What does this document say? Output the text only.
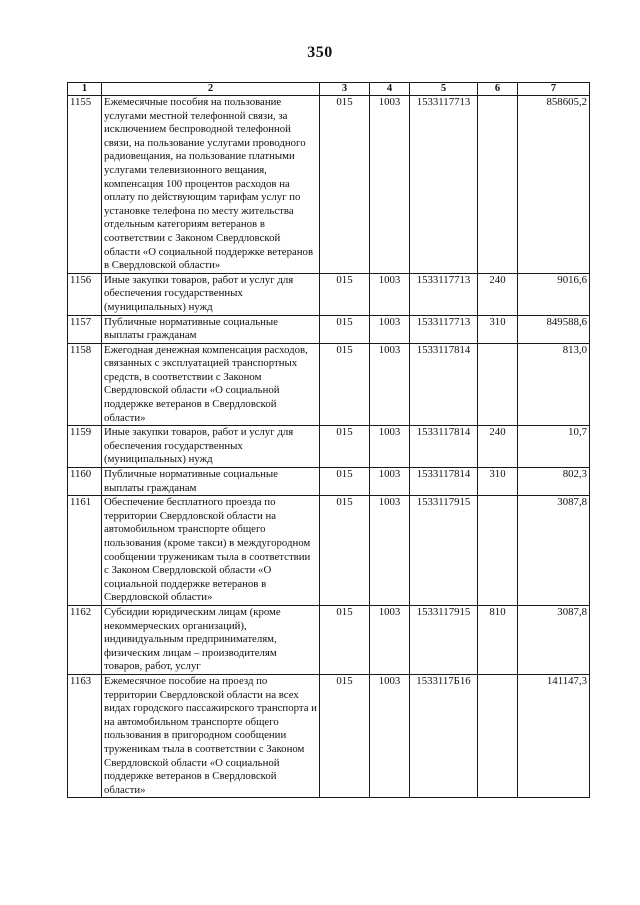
350
1	2	3	4	5	6	7
1155	Ежемесячные пособия на пользование услугами местной телефонной связи, за исключением беспроводной телефонной связи, на пользование услугами проводного радиовещания, на пользование платными услугами телевизионного вещания, компенсация 100 процентов расходов на оплату по действующим тарифам услуг по установке телефона по месту жительства отдельным категориям ветеранов в соответствии с Законом Свердловской области «О социальной поддержке ветеранов в Свердловской области»	015	1003	1533117713		858605,2
1156	Иные закупки товаров, работ и услуг для обеспечения государственных (муниципальных) нужд	015	1003	1533117713	240	9016,6
1157	Публичные нормативные социальные выплаты гражданам	015	1003	1533117713	310	849588,6
1158	Ежегодная денежная компенсация расходов, связанных с эксплуатацией транспортных средств, в соответствии с Законом Свердловской области «О социальной поддержке ветеранов в Свердловской области»	015	1003	1533117814		813,0
1159	Иные закупки товаров, работ и услуг для обеспечения государственных (муниципальных) нужд	015	1003	1533117814	240	10,7
1160	Публичные нормативные социальные выплаты гражданам	015	1003	1533117814	310	802,3
1161	Обеспечение бесплатного проезда по территории Свердловской области на автомобильном транспорте общего пользования (кроме такси) в междугородном сообщении труженикам тыла в соответствии с Законом Свердловской области «О социальной поддержке ветеранов в Свердловской области»	015	1003	1533117915		3087,8
1162	Субсидии юридическим лицам (кроме некоммерческих организаций), индивидуальным предпринимателям, физическим лицам – производителям товаров, работ, услуг	015	1003	1533117915	810	3087,8
1163	Ежемесячное пособие на проезд по территории Свердловской области на всех видах городского пассажирского транспорта и на автомобильном транспорте общего пользования в пригородном сообщении труженикам тыла в соответствии с Законом Свердловской области «О социальной поддержке ветеранов в Свердловской области»	015	1003	1533117Б16		141147,3
